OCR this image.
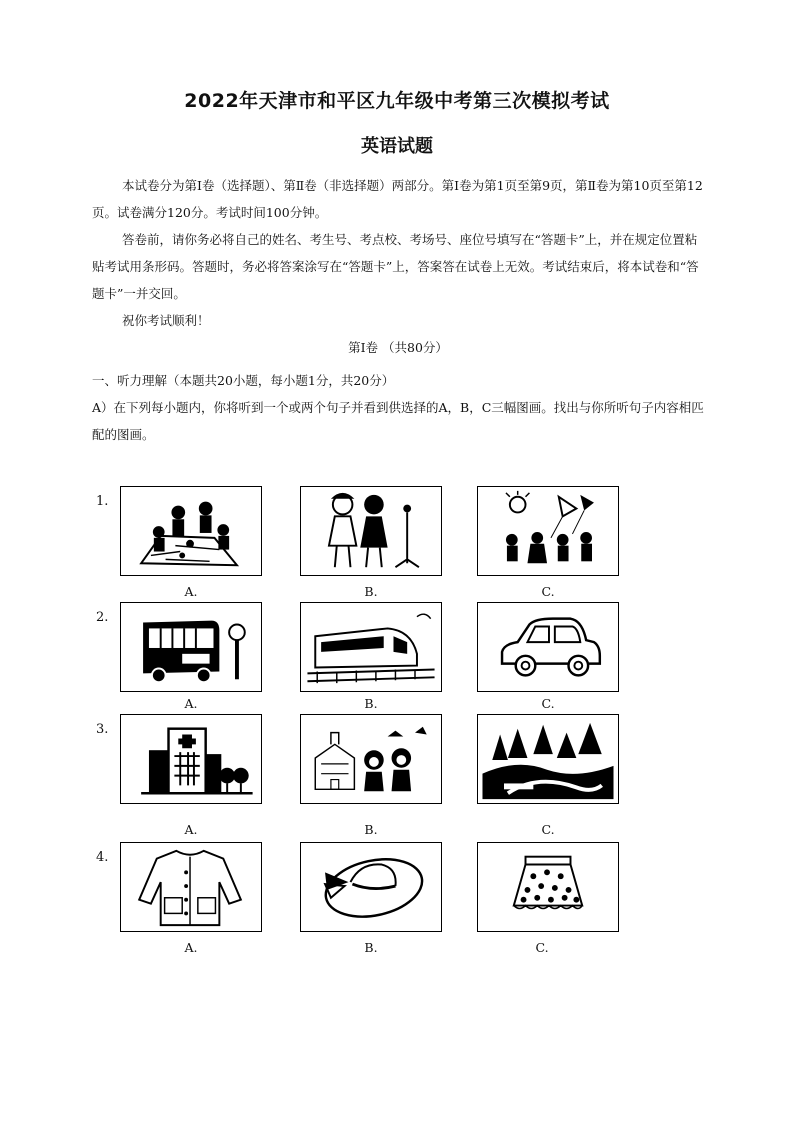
2022年天津市和平区九年级中考第三次模拟考试
英语试题
本试卷分为第Ⅰ卷（选择题）、第Ⅱ卷（非选择题）两部分。第Ⅰ卷为第1页至第9页，第Ⅱ卷为第10页至第12页。试卷满分120分。考试时间100分钟。
答卷前，请你务必将自己的姓名、考生号、考点校、考场号、座位号填写在“答题卡”上，并在规定位置粘贴考试用条形码。答题时，务必将答案涂写在“答题卡”上，答案答在试卷上无效。考试结束后，将本试卷和“答题卡”一并交回。
祝你考试顺利！
第Ⅰ卷 （共80分）
一、听力理解（本题共20小题，每小题1分，共20分）
A）在下列每小题内，你将听到一个或两个句子并看到供选择的A，B，C三幅图画。找出与你所听句子内容相匹配的图画。
1.
A.	B.	C.
2.
A.	B.	C.
3.
A.	B.	C.
4.
A.	B.	C.
